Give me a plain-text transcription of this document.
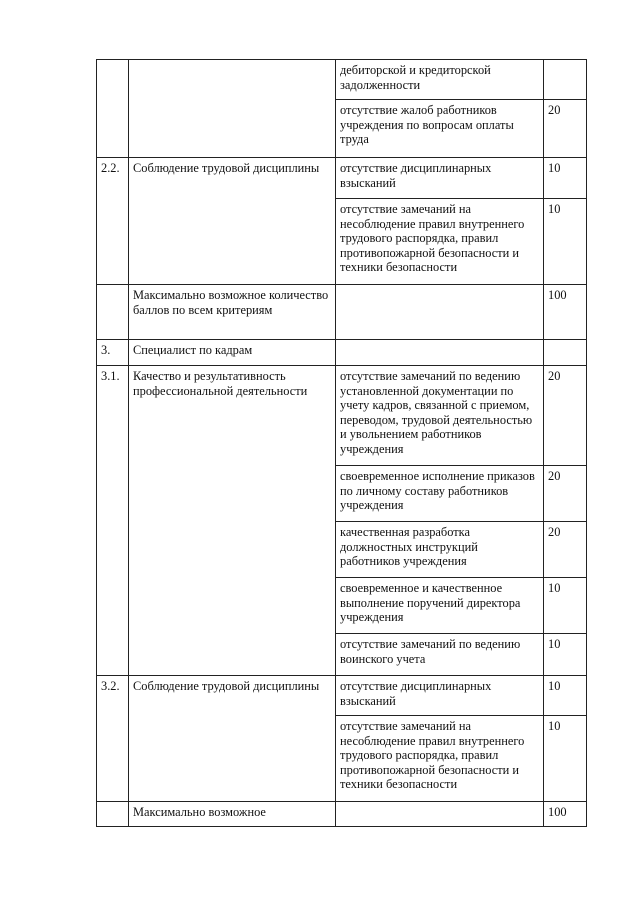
		дебиторской и кредиторской задолженности	
		отсутствие жалоб работников учреждения по вопросам оплаты труда	20
2.2.	Соблюдение трудовой дисциплины	отсутствие дисциплинарных взысканий	10
		отсутствие замечаний на несоблюдение правил внутреннего трудового распорядка, правил противопожарной безопасности и техники безопасности	10
	Максимально возможное количество баллов по всем критериям		100
3.	Специалист по кадрам		
3.1.	Качество и результативность профессиональной деятельности	отсутствие замечаний по ведению установленной документации по учету кадров, связанной с приемом, переводом, трудовой деятельностью и увольнением работников учреждения	20
		своевременное исполнение приказов по личному составу работников учреждения	20
		качественная разработка должностных инструкций работников учреждения	20
		своевременное и качественное выполнение поручений директора учреждения	10
		отсутствие замечаний по ведению воинского учета	10
3.2.	Соблюдение трудовой дисциплины	отсутствие дисциплинарных взысканий	10
		отсутствие замечаний на несоблюдение правил внутреннего трудового распорядка, правил противопожарной безопасности и техники безопасности	10
	Максимально возможное		100
